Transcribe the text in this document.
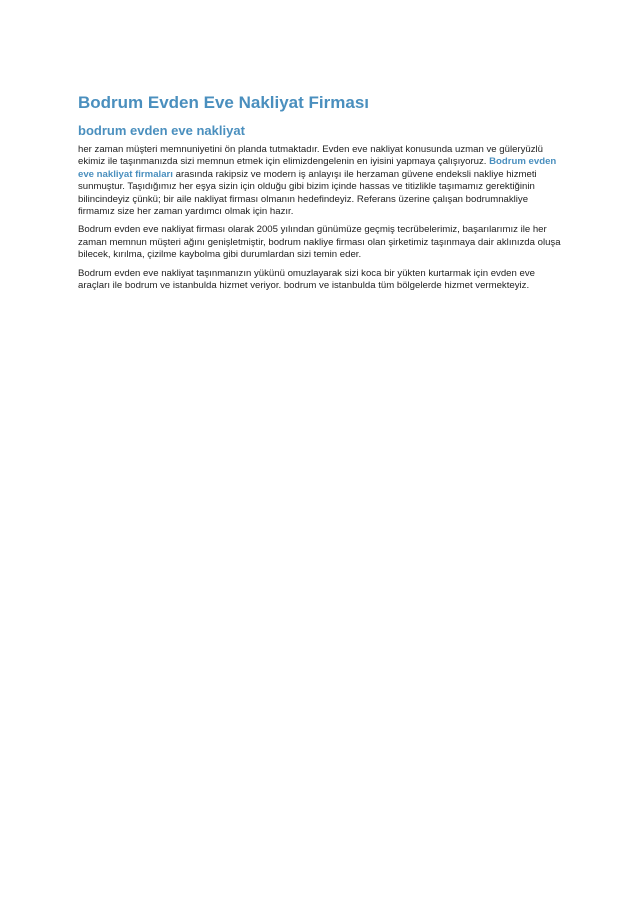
Bodrum Evden Eve Nakliyat Firması
bodrum evden eve nakliyat

her zaman müşteri memnuniyetini ön planda tutmaktadır. Evden eve nakliyat konusunda uzman ve güleryüzlü ekimiz ile taşınmanızda sizi memnun etmek için elimizdengelenin en iyisini yapmaya çalışıyoruz. Bodrum evden eve nakliyat firmaları arasında rakipsiz ve modern iş anlayışı ile herzaman güvene endeksli nakliye hizmeti sunmuştur. Taşıdığımız her eşya sizin için olduğu gibi bizim içinde hassas ve titizlikle taşımamız gerektiğinin bilincindeyiz çünkü; bir aile nakliyat firması olmanın hedefindeyiz. Referans üzerine çalışan bodrumnakliye firmamız size her zaman yardımcı olmak için hazır.

Bodrum evden eve nakliyat firması olarak 2005 yılından günümüze geçmiş tecrübelerimiz, başarılarımız ile her zaman memnun müşteri ağını genişletmiştir, bodrum nakliye firması olan şirketimiz taşınmaya dair aklınızda oluşa bilecek, kırılma, çizilme kaybolma gibi durumlardan sizi temin eder.

Bodrum evden eve nakliyat taşınmanızın yükünü omuzlayarak sizi koca bir yükten kurtarmak için evden eve araçları ile bodrum ve istanbulda hizmet veriyor. bodrum ve istanbulda tüm bölgelerde hizmet vermekteyiz.
